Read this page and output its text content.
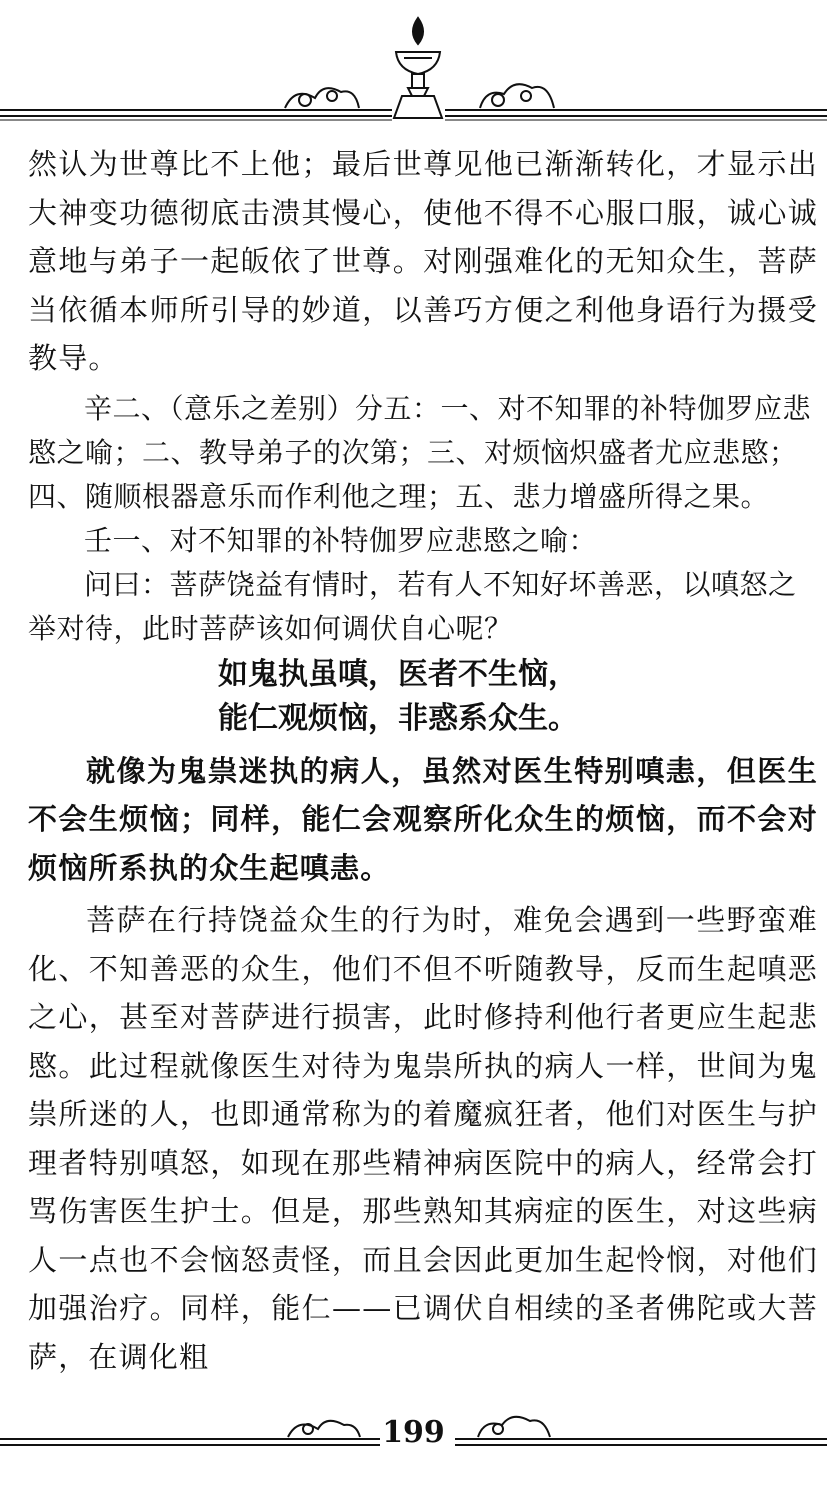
然认为世尊比不上他；最后世尊见他已渐渐转化，才显示出大神变功德彻底击溃其慢心，使他不得不心服口服，诚心诚意地与弟子一起皈依了世尊。对刚强难化的无知众生，菩萨当依循本师所引导的妙道，以善巧方便之利他身语行为摄受教导。

辛二、（意乐之差别）分五：一、对不知罪的补特伽罗应悲愍之喻；二、教导弟子的次第；三、对烦恼炽盛者尤应悲愍；四、随顺根器意乐而作利他之理；五、悲力增盛所得之果。

壬一、对不知罪的补特伽罗应悲愍之喻：

问曰：菩萨饶益有情时，若有人不知好坏善恶，以嗔怒之举对待，此时菩萨该如何调伏自心呢？

如鬼执虽嗔，医者不生恼，
能仁观烦恼，非惑系众生。

就像为鬼祟迷执的病人，虽然对医生特别嗔恚，但医生不会生烦恼；同样，能仁会观察所化众生的烦恼，而不会对烦恼所系执的众生起嗔恚。

菩萨在行持饶益众生的行为时，难免会遇到一些野蛮难化、不知善恶的众生，他们不但不听随教导，反而生起嗔恶之心，甚至对菩萨进行损害，此时修持利他行者更应生起悲愍。此过程就像医生对待为鬼祟所执的病人一样，世间为鬼祟所迷的人，也即通常称为的着魔疯狂者，他们对医生与护理者特别嗔怒，如现在那些精神病医院中的病人，经常会打骂伤害医生护士。但是，那些熟知其病症的医生，对这些病人一点也不会恼怒责怪，而且会因此更加生起怜悯，对他们加强治疗。同样，能仁——已调伏自相续的圣者佛陀或大菩萨，在调化粗

199
